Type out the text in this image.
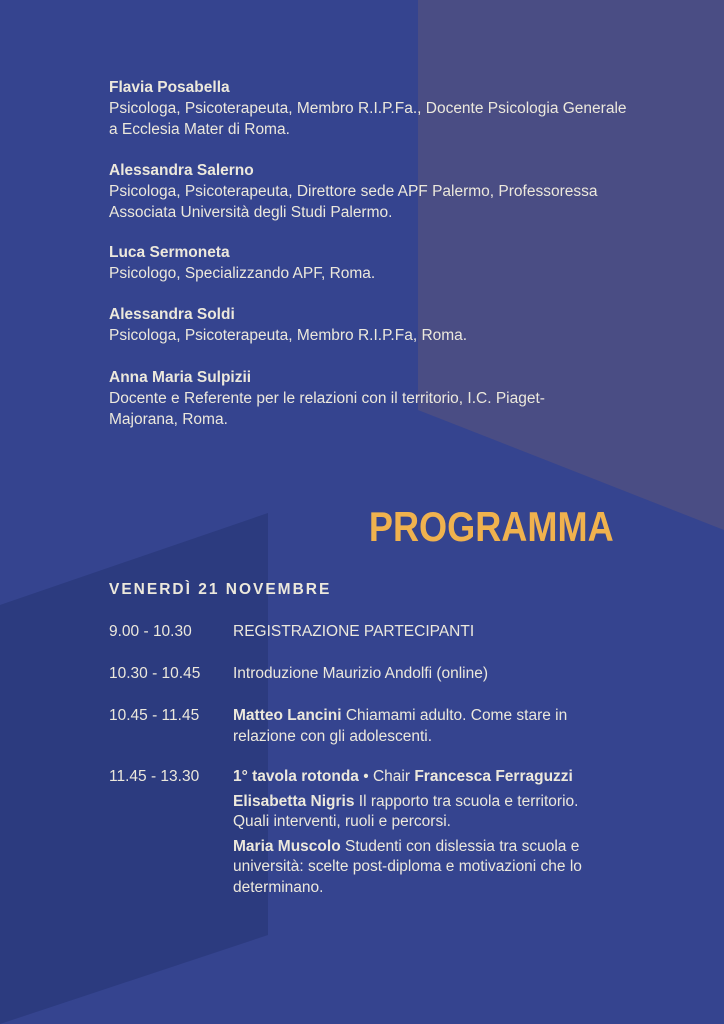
Flavia Posabella
Psicologa, Psicoterapeuta, Membro R.I.P.Fa., Docente Psicologia Generale a Ecclesia Mater di Roma.
Alessandra Salerno
Psicologa, Psicoterapeuta, Direttore sede APF Palermo, Professoressa Associata Università degli Studi Palermo.
Luca Sermoneta
Psicologo, Specializzando APF, Roma.
Alessandra Soldi
Psicologa, Psicoterapeuta, Membro R.I.P.Fa, Roma.
Anna Maria Sulpizii
Docente e Referente per le relazioni con il territorio, I.C. Piaget-Majorana, Roma.
PROGRAMMA
VENERDÌ 21 NOVEMBRE
9.00 - 10.30	REGISTRAZIONE PARTECIPANTI
10.30 - 10.45	Introduzione Maurizio Andolfi (online)
10.45 - 11.45	Matteo Lancini Chiamami adulto. Come stare in relazione con gli adolescenti.
11.45 - 13.30	1° tavola rotonda • Chair Francesca Ferraguzzi
Elisabetta Nigris Il rapporto tra scuola e territorio. Quali interventi, ruoli e percorsi.
Maria Muscolo Studenti con dislessia tra scuola e università: scelte post-diploma e motivazioni che lo determinano.
